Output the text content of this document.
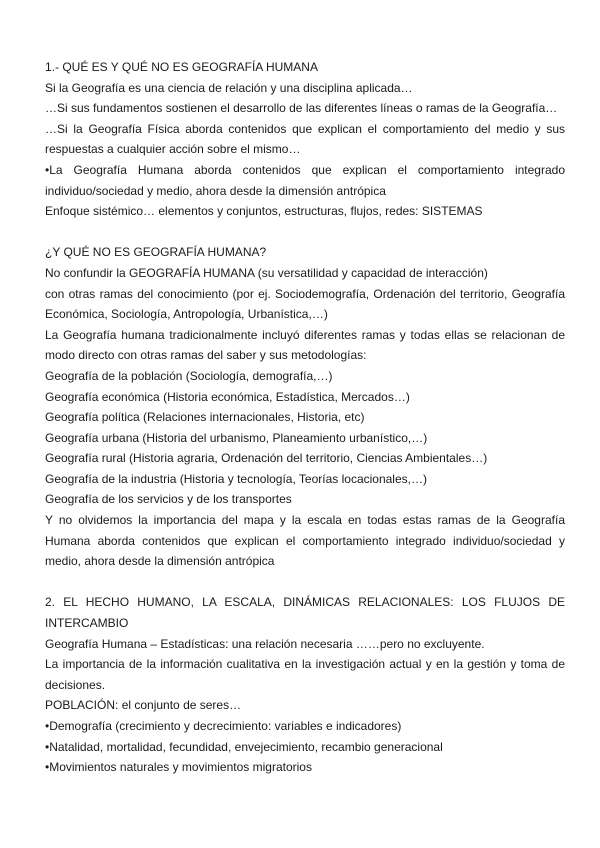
1.- QUÉ ES Y QUÉ NO ES GEOGRAFÍA HUMANA
Si la Geografía es una ciencia de relación y una disciplina aplicada…
…Si sus fundamentos sostienen el desarrollo de las diferentes líneas o ramas de la Geografía…
…Si la Geografía Física aborda contenidos que explican el comportamiento del medio y sus
respuestas a cualquier acción sobre el mismo…
•La Geografía Humana aborda contenidos que explican el comportamiento integrado
individuo/sociedad y medio, ahora desde la dimensión antrópica
Enfoque sistémico… elementos y conjuntos, estructuras, flujos, redes: SISTEMAS
¿Y QUÉ NO ES GEOGRAFÍA HUMANA?
No confundir la GEOGRAFÍA HUMANA (su versatilidad y capacidad de interacción)
con otras ramas del conocimiento (por ej. Sociodemografía, Ordenación del territorio, Geografía
Económica, Sociología, Antropología, Urbanística,…)
La Geografía humana tradicionalmente incluyó diferentes ramas y todas ellas se relacionan de
modo directo con otras ramas del saber y sus metodologías:
Geografía de la población (Sociología, demografía,…)
Geografía económica (Historia económica, Estadística, Mercados…)
Geografía política (Relaciones internacionales, Historia, etc)
Geografía urbana (Historia del urbanismo, Planeamiento urbanístico,…)
Geografía rural (Historia agraria, Ordenación del territorio, Ciencias Ambientales…)
Geografía de la industria (Historia y tecnología, Teorías locacionales,…)
Geografía de los servicios y de los transportes
Y no olvidemos la importancia del mapa y la escala en todas estas ramas de la Geografía
Humana aborda contenidos que explican el comportamiento integrado individuo/sociedad y
medio, ahora desde la dimensión antrópica
2. EL HECHO HUMANO, LA ESCALA, DINÁMICAS RELACIONALES: LOS FLUJOS DE
INTERCAMBIO
Geografía Humana – Estadísticas: una relación necesaria ……pero no excluyente.
La importancia de la información cualitativa en la investigación actual y en la gestión y toma de
decisiones.
POBLACIÓN: el conjunto de seres…
•Demografía (crecimiento y decrecimiento: variables e indicadores)
•Natalidad, mortalidad, fecundidad, envejecimiento, recambio generacional
•Movimientos naturales y movimientos migratorios
